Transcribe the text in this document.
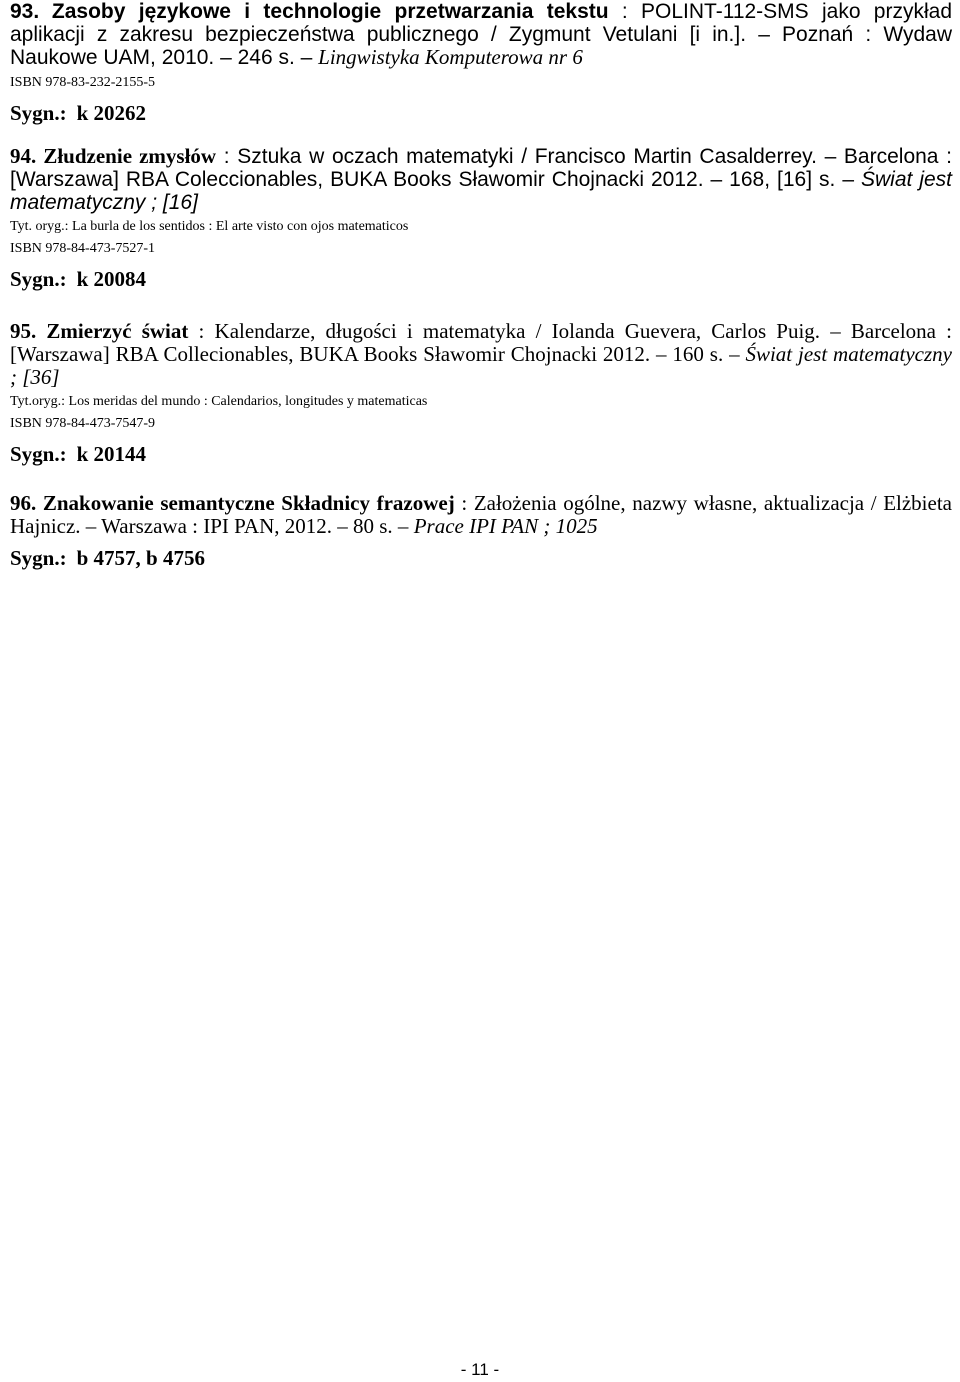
93. Zasoby językowe i technologie przetwarzania tekstu : POLINT-112-SMS jako przykład aplikacji z zakresu bezpieczeństwa publicznego / Zygmunt Vetulani [i in.]. – Poznań : Wydaw Naukowe UAM, 2010. – 246 s. – Lingwistyka Komputerowa nr 6

ISBN 978-83-232-2155-5

Sygn.: k 20262

94. Złudzenie zmysłów : Sztuka w oczach matematyki / Francisco Martin Casalderrey. – Barcelona : [Warszawa] RBA Coleccionables, BUKA Books Sławomir Chojnacki 2012. – 168, [16] s. – Świat jest matematyczny ; [16]

Tyt. oryg.: La burla de los sentidos : El arte visto con ojos matematicos

ISBN 978-84-473-7527-1

Sygn.: k 20084

95. Zmierzyć świat : Kalendarze, długości i matematyka / Iolanda Guevera, Carlos Puig. – Barcelona : [Warszawa] RBA Collecionables, BUKA Books Sławomir Chojnacki 2012. – 160 s. – Świat jest matematyczny ; [36]

Tyt.oryg.: Los meridas del mundo : Calendarios, longitudes y matematicas

ISBN 978-84-473-7547-9

Sygn.: k 20144

96. Znakowanie semantyczne Składnicy frazowej : Założenia ogólne, nazwy własne, aktualizacja / Elżbieta Hajnicz. – Warszawa : IPI PAN, 2012. – 80 s. – Prace IPI PAN ; 1025

Sygn.: b 4757, b 4756

- 11 -
